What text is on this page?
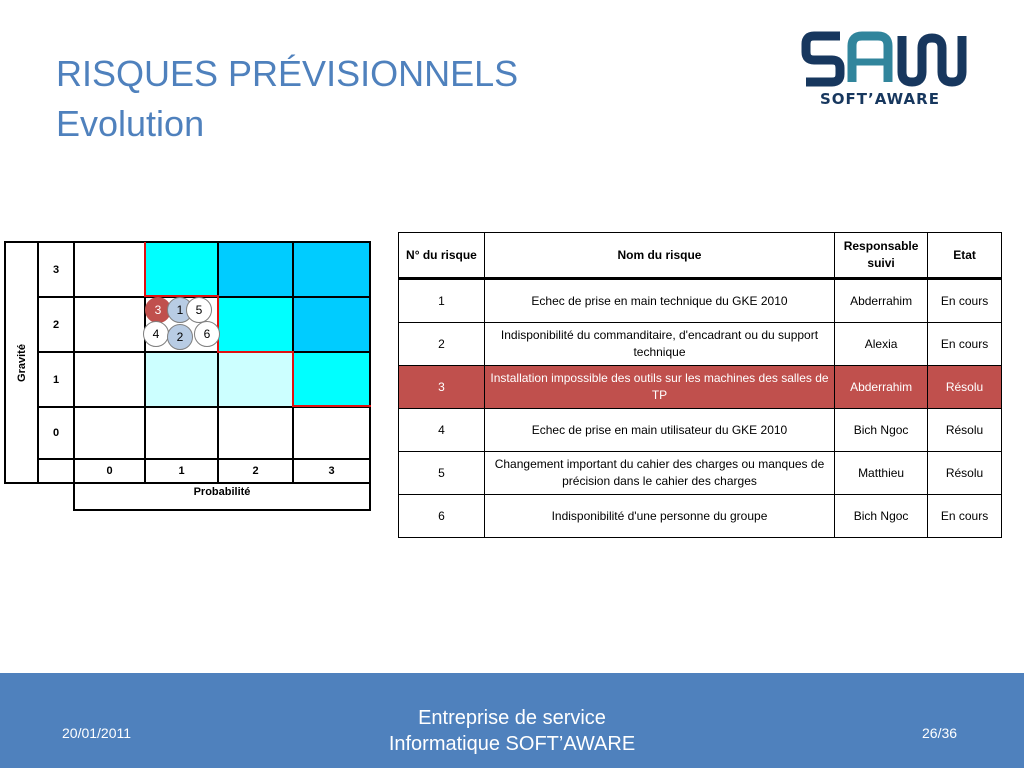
RISQUES PRÉVISIONNELS
Evolution
SOFT’AWARE
Gravité
3
2
1
0
0	1	2	3
Probabilité
3	1	5
4	2	6
N° du risque	Nom du risque	Responsable suivi	Etat
1	Echec de prise en main technique du GKE 2010	Abderrahim	En cours
2	Indisponibilité du commanditaire, d'encadrant ou du support technique	Alexia	En cours
3	Installation impossible des outils sur les machines des salles de TP	Abderrahim	Résolu
4	Echec de prise en main utilisateur du GKE 2010	Bich Ngoc	Résolu
5	Changement important du cahier des charges ou manques de précision dans le cahier des charges	Matthieu	Résolu
6	Indisponibilité d'une personne du groupe	Bich Ngoc	En cours
20/01/2011
Entreprise de service
Informatique SOFT’AWARE	26/36
